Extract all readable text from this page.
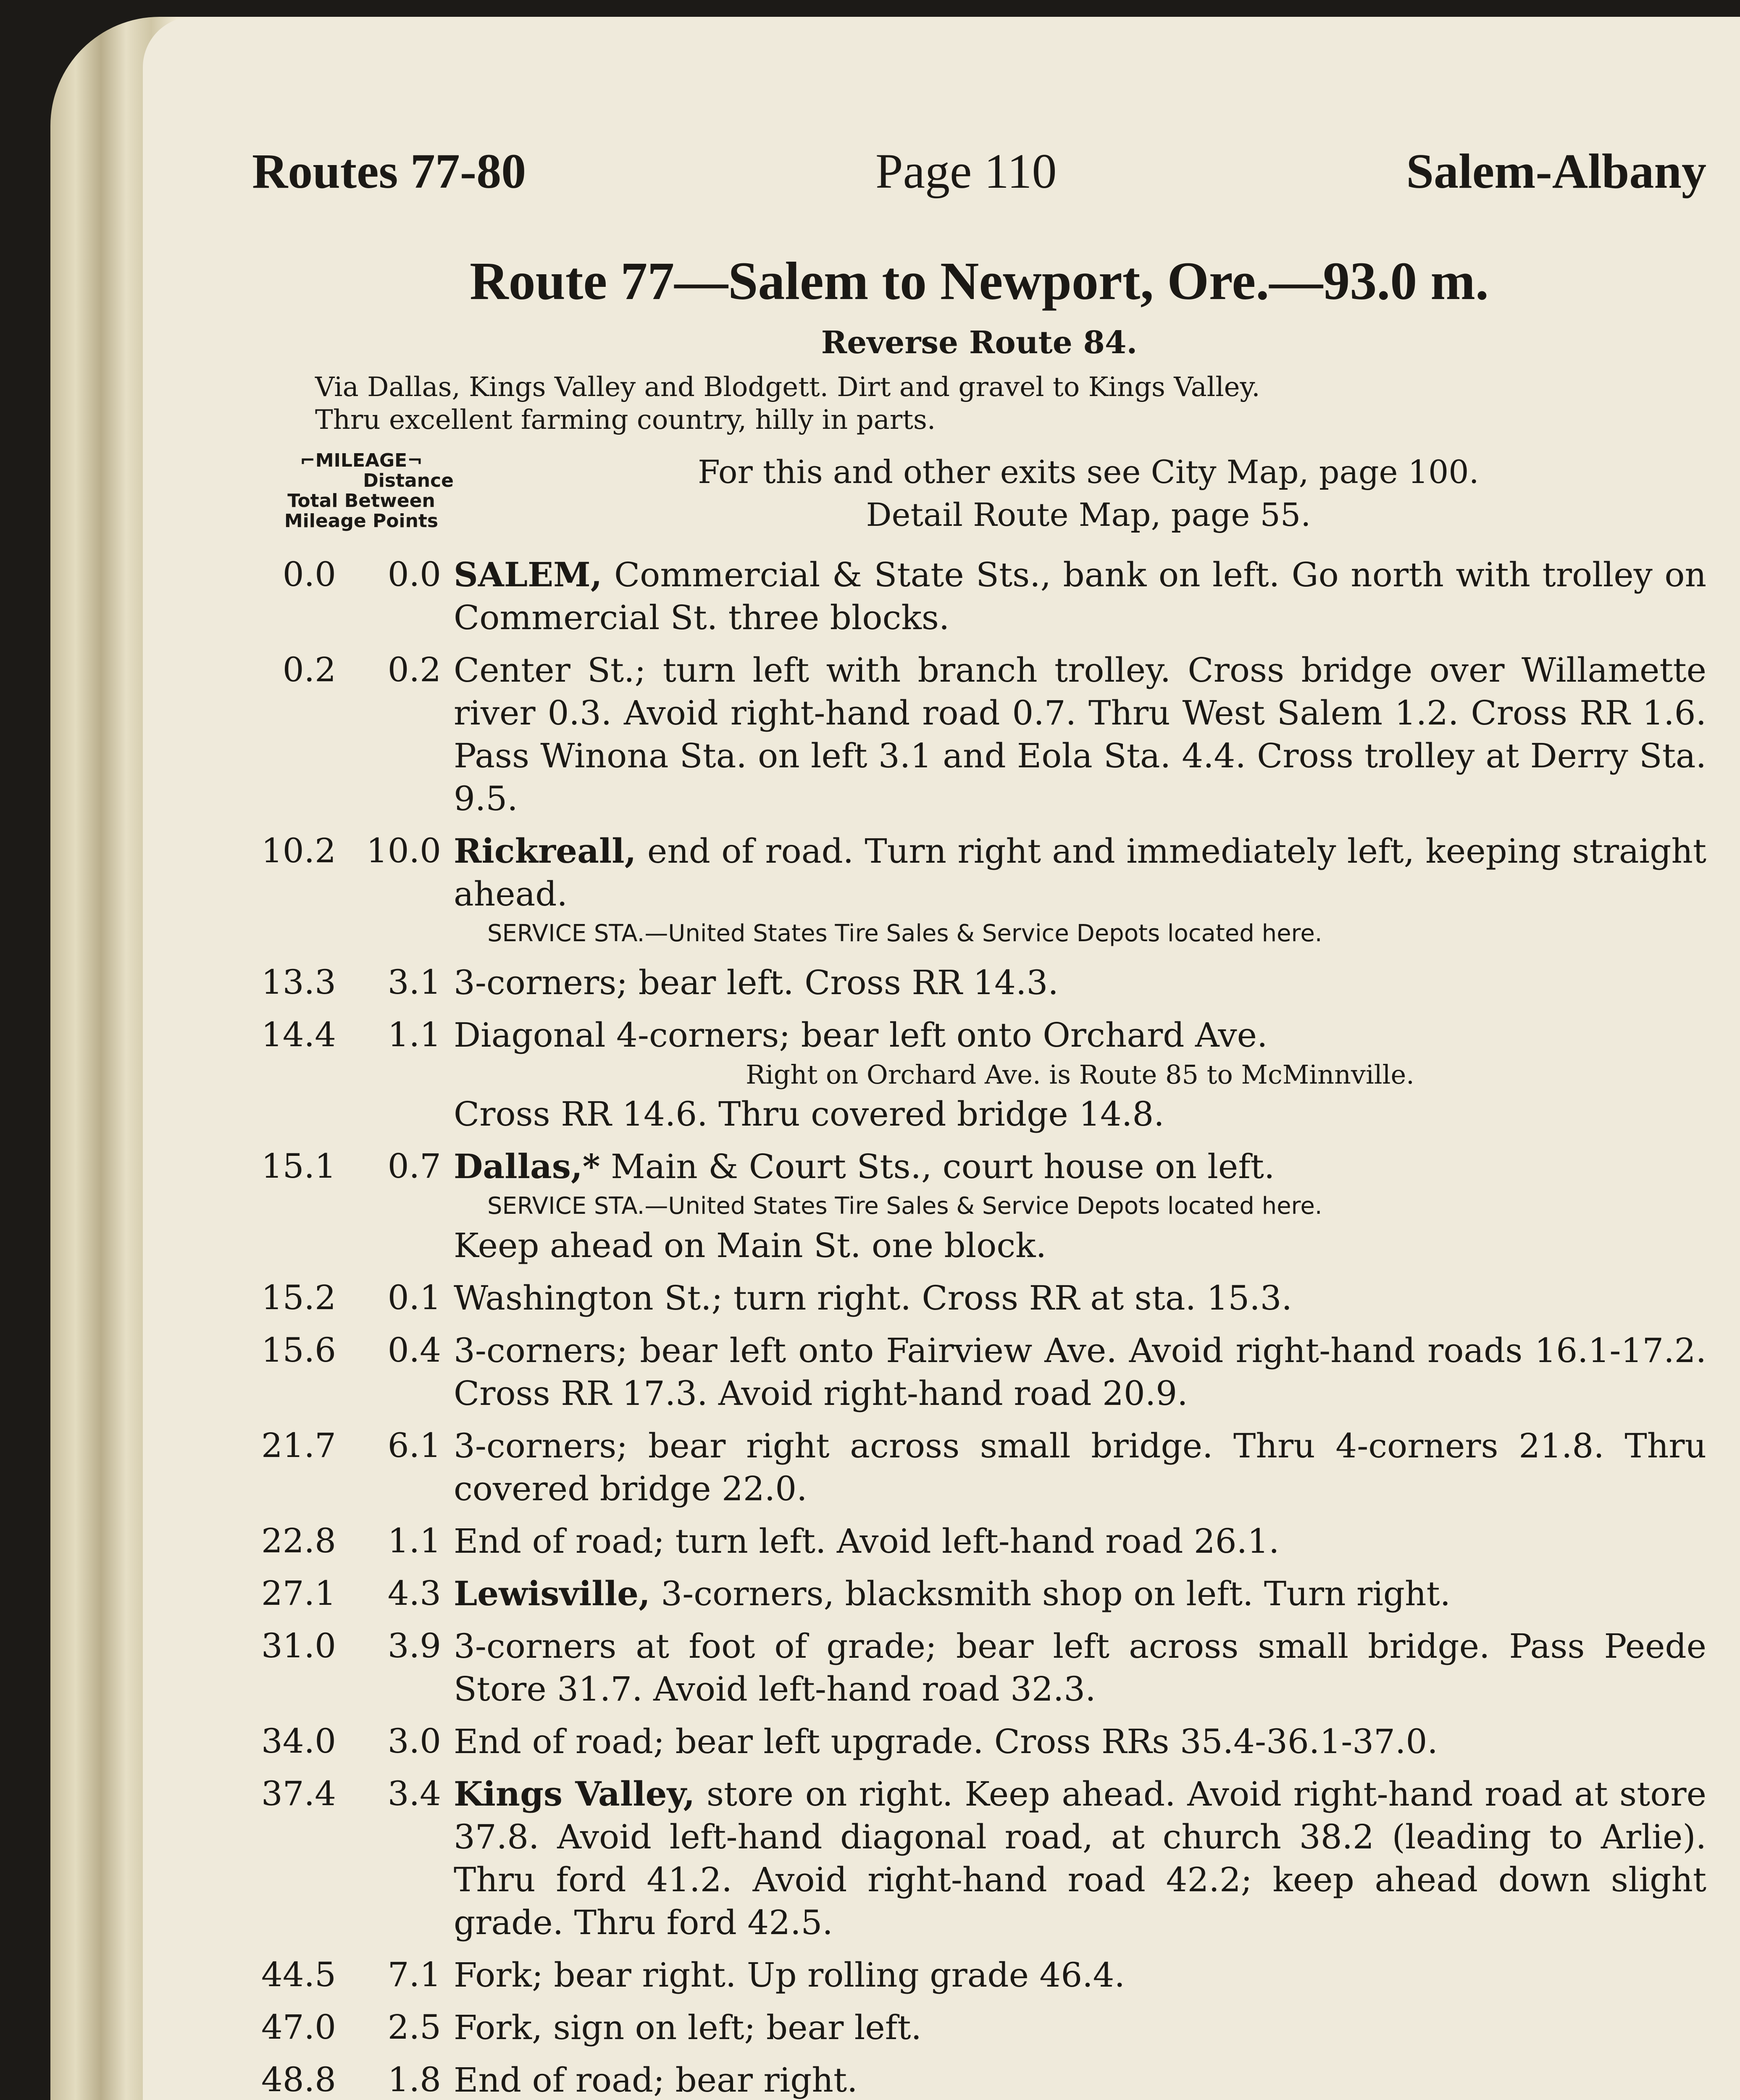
Routes 77-80	Page 110	Salem-Albany
Route 77—Salem to Newport, Ore.—93.0 m.
Reverse Route 84.
Via Dallas, Kings Valley and Blodgett. Dirt and gravel to Kings Valley.
Thru excellent farming country, hilly in parts.
⌐MILEAGE¬
Distance
Total Between
Mileage Points
For this and other exits see City Map, page 100.
Detail Route Map, page 55.
0.0	0.0 SALEM, Commercial & State Sts., bank on left. Go north with trolley on Commercial St. three blocks.
0.2	0.2 Center St.; turn left with branch trolley. Cross bridge over Willamette river 0.3. Avoid right-hand road 0.7. Thru West Salem 1.2. Cross RR 1.6. Pass Winona Sta. on left 3.1 and Eola Sta. 4.4. Cross trolley at Derry Sta. 9.5.
10.2 10.0 Rickreall, end of road. Turn right and immediately left, keeping straight ahead.
SERVICE STA.—United States Tire Sales & Service Depots located here.
13.3	3.1 3-corners; bear left. Cross RR 14.3.
14.4	1.1 Diagonal 4-corners; bear left onto Orchard Ave.
Right on Orchard Ave. is Route 85 to McMinnville.
Cross RR 14.6. Thru covered bridge 14.8.
15.1	0.7 Dallas,* Main & Court Sts., court house on left.
SERVICE STA.—United States Tire Sales & Service Depots located here.
Keep ahead on Main St. one block.
15.2	0.1 Washington St.; turn right. Cross RR at sta. 15.3.
15.6	0.4 3-corners; bear left onto Fairview Ave. Avoid right-hand roads 16.1-17.2. Cross RR 17.3. Avoid right-hand road 20.9.
21.7	6.1 3-corners; bear right across small bridge. Thru 4-corners 21.8. Thru covered bridge 22.0.
22.8	1.1 End of road; turn left. Avoid left-hand road 26.1.
27.1	4.3 Lewisville, 3-corners, blacksmith shop on left. Turn right.
31.0	3.9 3-corners at foot of grade; bear left across small bridge. Pass Peede Store 31.7. Avoid left-hand road 32.3.
34.0	3.0 End of road; bear left upgrade. Cross RRs 35.4-36.1-37.0.
37.4	3.4 Kings Valley, store on right. Keep ahead. Avoid right-hand road at store 37.8. Avoid left-hand diagonal road, at church 38.2 (leading to Arlie). Thru ford 41.2. Avoid right-hand road 42.2; keep ahead down slight grade. Thru ford 42.5.
44.5	7.1 Fork; bear right. Up rolling grade 46.4.
47.0	2.5 Fork, sign on left; bear left.
48.8	1.8 End of road; bear right.
